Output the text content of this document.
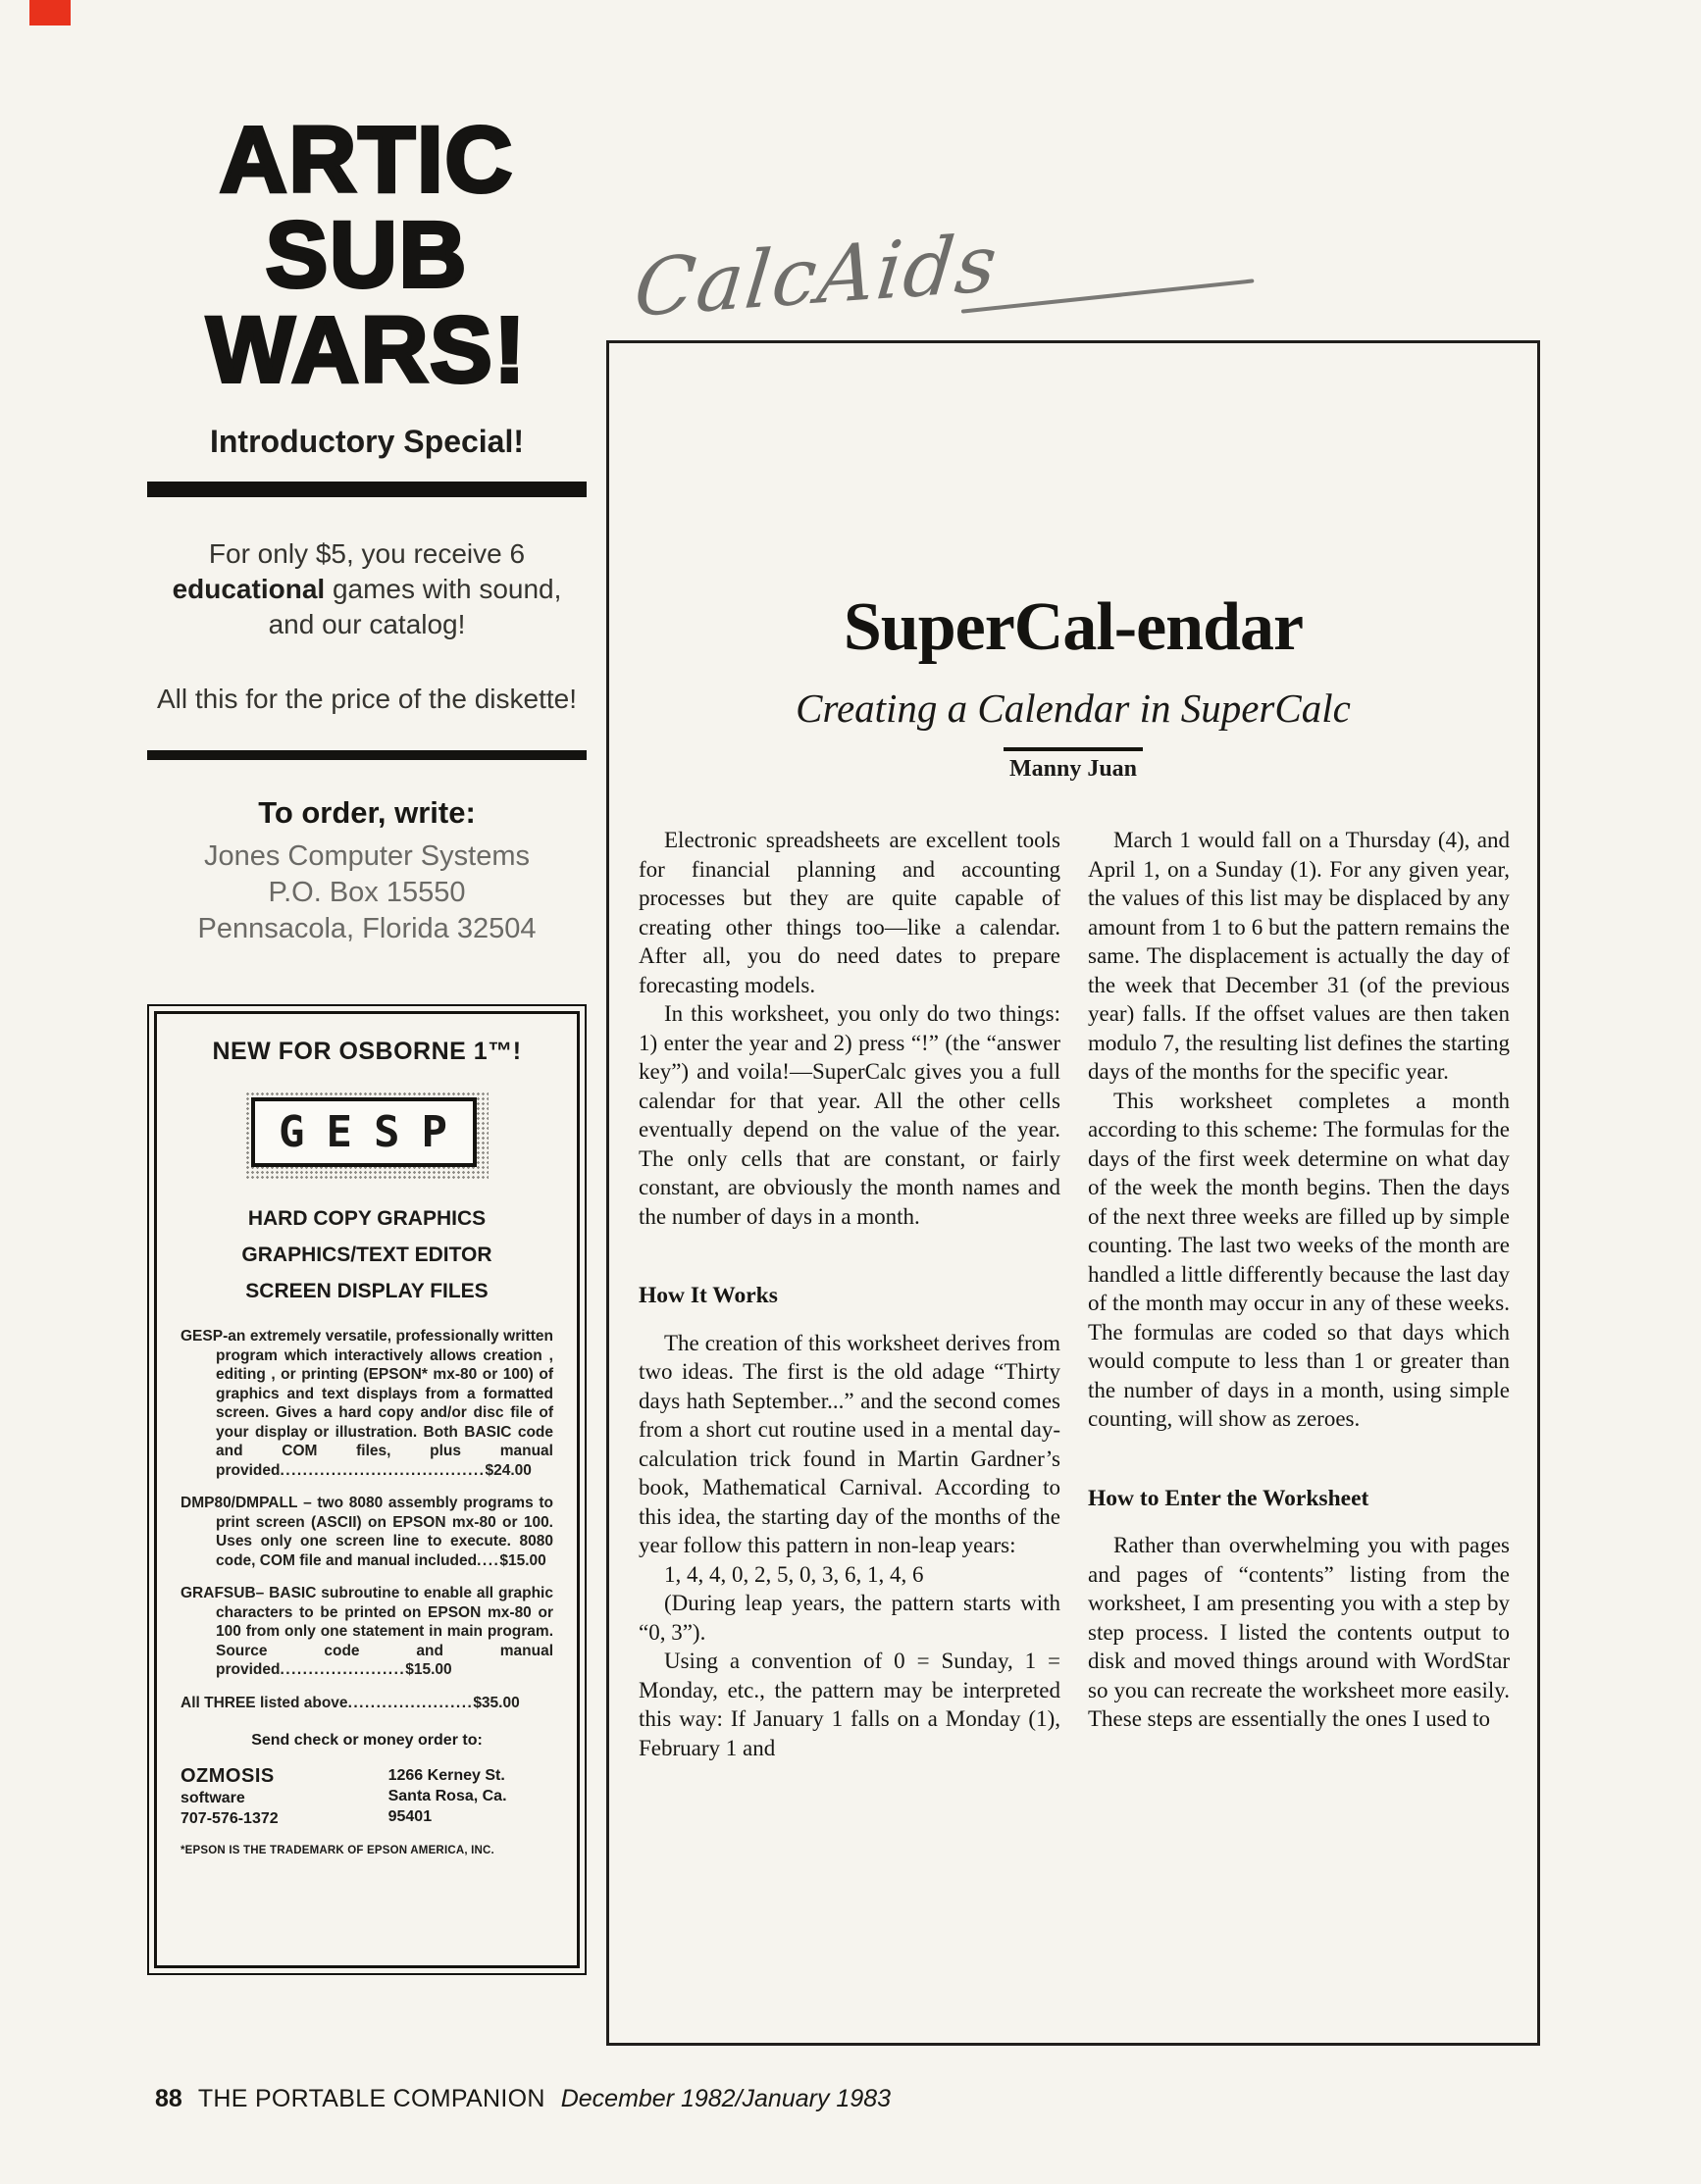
ARTIC
SUB
WARS!
Introductory Special!
For only $5, you receive 6 educational games with sound, and our catalog!
All this for the price of the diskette!
To order, write:
Jones Computer Systems
P.O. Box 15550
Pennsacola, Florida 32504
NEW FOR OSBORNE 1™!
GESP
HARD COPY GRAPHICS
GRAPHICS/TEXT EDITOR
SCREEN DISPLAY FILES

GESP-an extremely versatile, professionally written program which interactively allows creation , editing , or printing (EPSON* mx-80 or 100) of graphics and text displays from a formatted screen. Gives a hard copy and/or disc file of your display or illustration. Both BASIC code and COM files, plus manual provided....................................$24.00

DMP80/DMPALL – two 8080 assembly programs to print screen (ASCII) on EPSON mx-80 or 100. Uses only one screen line to execute. 8080 code, COM file and manual included....$15.00

GRAFSUB– BASIC subroutine to enable all graphic characters to be printed on EPSON mx-80 or 100 from only one statement in main program. Source code and manual provided......................$15.00

All THREE listed above......................$35.00

Send check or money order to:
OZMOSIS
software
707-576-1372
1266 Kerney St.
Santa Rosa, Ca.
95401
*EPSON IS THE TRADEMARK OF EPSON AMERICA, INC.
CalcAids
SuperCal-endar
Creating a Calendar in SuperCalc
Manny Juan

Electronic spreadsheets are excellent tools for financial planning and accounting processes but they are quite capable of creating other things too—like a calendar. After all, you do need dates to prepare forecasting models.

In this worksheet, you only do two things: 1) enter the year and 2) press “!” (the “answer key”) and voila!—SuperCalc gives you a full calendar for that year. All the other cells eventually depend on the value of the year. The only cells that are constant, or fairly constant, are obviously the month names and the number of days in a month.

How It Works

The creation of this worksheet derives from two ideas. The first is the old adage “Thirty days hath September...” and the second comes from a short cut routine used in a mental day-calculation trick found in Martin Gardner’s book, Mathematical Carnival. According to this idea, the starting day of the months of the year follow this pattern in non-leap years:

1, 4, 4, 0, 2, 5, 0, 3, 6, 1, 4, 6

(During leap years, the pattern starts with “0, 3”).

Using a convention of 0 = Sunday, 1 = Monday, etc., the pattern may be interpreted this way: If January 1 falls on a Monday (1), February 1 and

March 1 would fall on a Thursday (4), and April 1, on a Sunday (1). For any given year, the values of this list may be displaced by any amount from 1 to 6 but the pattern remains the same. The displacement is actually the day of the week that December 31 (of the previous year) falls. If the offset values are then taken modulo 7, the resulting list defines the starting days of the months for the specific year.

This worksheet completes a month according to this scheme: The formulas for the days of the first week determine on what day of the week the month begins. Then the days of the next three weeks are filled up by simple counting. The last two weeks of the month are handled a little differently because the last day of the month may occur in any of these weeks. The formulas are coded so that days which would compute to less than 1 or greater than the number of days in a month, using simple counting, will show as zeroes.

How to Enter the Worksheet

Rather than overwhelming you with pages and pages of “contents” listing from the worksheet, I am presenting you with a step by step process. I listed the contents output to disk and moved things around with WordStar so you can recreate the worksheet more easily. These steps are essentially the ones I used to

88 THE PORTABLE COMPANION December 1982/January 1983
